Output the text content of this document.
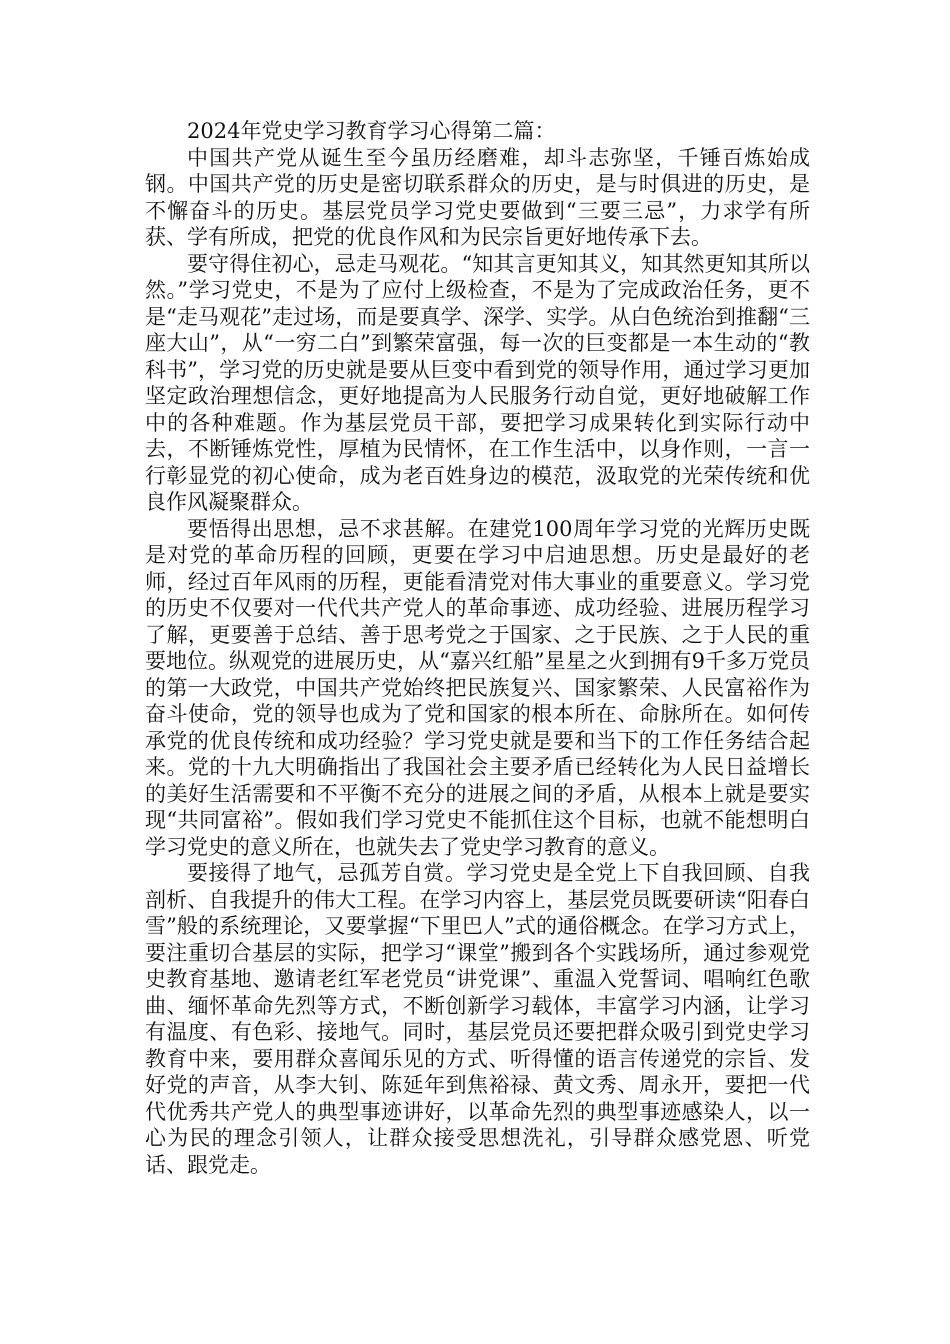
2024年党史学习教育学习心得第二篇：

中国共产党从诞生至今虽历经磨难，却斗志弥坚，千锤百炼始成钢。中国共产党的历史是密切联系群众的历史，是与时俱进的历史，是不懈奋斗的历史。基层党员学习党史要做到“三要三忌”，力求学有所获、学有所成，把党的优良作风和为民宗旨更好地传承下去。

要守得住初心，忌走马观花。“知其言更知其义，知其然更知其所以然。”学习党史，不是为了应付上级检查，不是为了完成政治任务，更不是“走马观花”走过场，而是要真学、深学、实学。从白色统治到推翻“三座大山”，从“一穷二白”到繁荣富强，每一次的巨变都是一本生动的“教科书”，学习党的历史就是要从巨变中看到党的领导作用，通过学习更加坚定政治理想信念，更好地提高为人民服务行动自觉，更好地破解工作中的各种难题。作为基层党员干部，要把学习成果转化到实际行动中去，不断锤炼党性，厚植为民情怀，在工作生活中，以身作则，一言一行彰显党的初心使命，成为老百姓身边的模范，汲取党的光荣传统和优良作风凝聚群众。

要悟得出思想，忌不求甚解。在建党100周年学习党的光辉历史既是对党的革命历程的回顾，更要在学习中启迪思想。历史是最好的老师，经过百年风雨的历程，更能看清党对伟大事业的重要意义。学习党的历史不仅要对一代代共产党人的革命事迹、成功经验、进展历程学习了解，更要善于总结、善于思考党之于国家、之于民族、之于人民的重要地位。纵观党的进展历史，从“嘉兴红船”星星之火到拥有9千多万党员的第一大政党，中国共产党始终把民族复兴、国家繁荣、人民富裕作为奋斗使命，党的领导也成为了党和国家的根本所在、命脉所在。如何传承党的优良传统和成功经验？学习党史就是要和当下的工作任务结合起来。党的十九大明确指出了我国社会主要矛盾已经转化为人民日益增长的美好生活需要和不平衡不充分的进展之间的矛盾，从根本上就是要实现“共同富裕”。假如我们学习党史不能抓住这个目标，也就不能想明白学习党史的意义所在，也就失去了党史学习教育的意义。

要接得了地气，忌孤芳自赏。学习党史是全党上下自我回顾、自我剖析、自我提升的伟大工程。在学习内容上，基层党员既要研读“阳春白雪”般的系统理论，又要掌握“下里巴人”式的通俗概念。在学习方式上，要注重切合基层的实际，把学习“课堂”搬到各个实践场所，通过参观党史教育基地、邀请老红军老党员“讲党课”、重温入党誓词、唱响红色歌曲、缅怀革命先烈等方式，不断创新学习载体，丰富学习内涵，让学习有温度、有色彩、接地气。同时，基层党员还要把群众吸引到党史学习教育中来，要用群众喜闻乐见的方式、听得懂的语言传递党的宗旨、发好党的声音，从李大钊、陈延年到焦裕禄、黄文秀、周永开，要把一代代优秀共产党人的典型事迹讲好，以革命先烈的典型事迹感染人，以一心为民的理念引领人，让群众接受思想洗礼，引导群众感党恩、听党话、跟党走。
